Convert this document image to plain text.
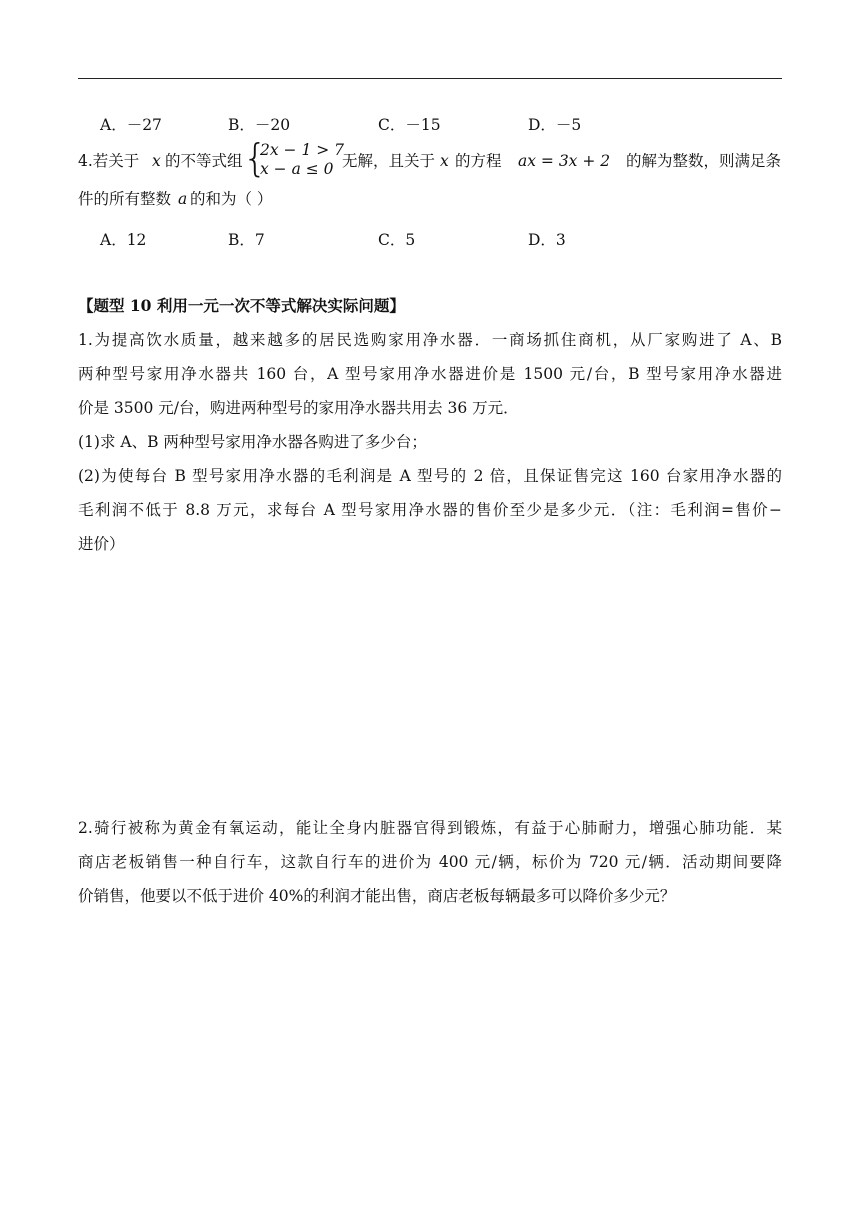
A．－27	B．－20	C．－15	D．－5
4.若关于 x 的不等式组 {
2x − 1 > 7
x − a ≤ 0 无解，且关于 x 的方程 ax = 3x + 2 的解为整数，则满足条
件的所有整数 a 的和为（ ）
A．12	B．7	C．5	D．3
【题型 10 利用一元一次不等式解决实际问题】
1.为提高饮水质量，越来越多的居民选购家用净水器．一商场抓住商机，从厂家购进了 A、B
两种型号家用净水器共 160 台，A 型号家用净水器进价是 1500 元/台，B 型号家用净水器进
价是 3500 元/台，购进两种型号的家用净水器共用去 36 万元．
(1)求 A、B 两种型号家用净水器各购进了多少台；
(2)为使每台 B 型号家用净水器的毛利润是 A 型号的 2 倍，且保证售完这 160 台家用净水器的
毛利润不低于 8.8 万元，求每台 A 型号家用净水器的售价至少是多少元．（注：毛利润=售价−
进价）
2.骑行被称为黄金有氧运动，能让全身内脏器官得到锻炼，有益于心肺耐力，增强心肺功能．某
商店老板销售一种自行车，这款自行车的进价为 400 元/辆，标价为 720 元/辆．活动期间要降
价销售，他要以不低于进价 40%的利润才能出售，商店老板每辆最多可以降价多少元？
